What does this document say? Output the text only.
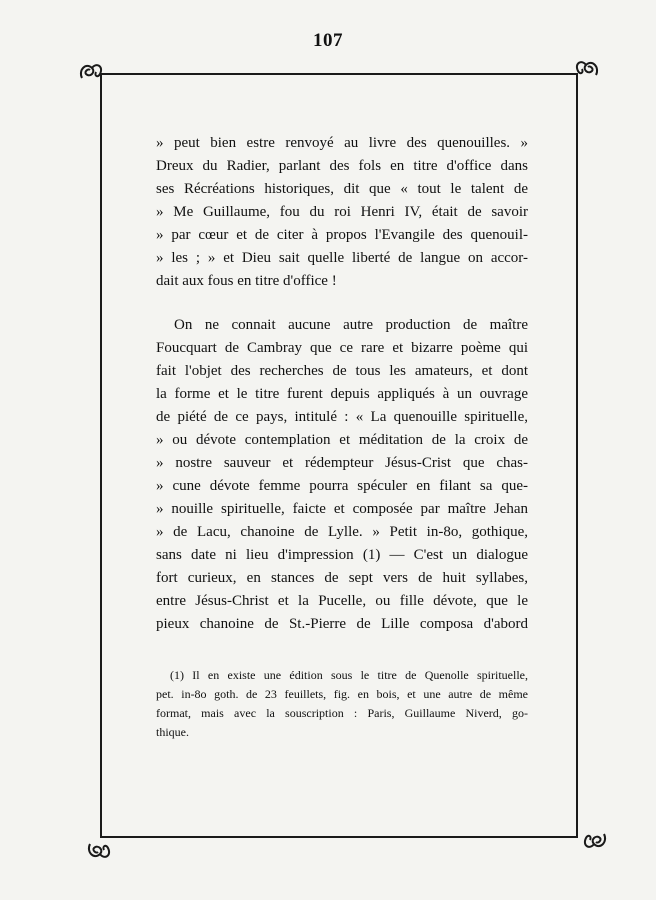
107
» peut bien estre renvoyé au livre des quenouilles. »
Dreux du Radier, parlant des fols en titre d'office dans
ses Récréations historiques, dit que « tout le talent de
» Me Guillaume, fou du roi Henri IV, était de savoir
» par cœur et de citer à propos l'Evangile des quenouil-
» les ; » et Dieu sait quelle liberté de langue on accor-
dait aux fous en titre d'office !
On ne connait aucune autre production de maître
Foucquart de Cambray que ce rare et bizarre poème qui
fait l'objet des recherches de tous les amateurs, et dont
la forme et le titre furent depuis appliqués à un ouvrage
de piété de ce pays, intitulé : « La quenouille spirituelle,
» ou dévote contemplation et méditation de la croix de
» nostre sauveur et rédempteur Jésus-Crist que chas-
» cune dévote femme pourra spéculer en filant sa que-
» nouille spirituelle, faicte et composée par maître Jehan
» de Lacu, chanoine de Lylle. » Petit in-8o, gothique,
sans date ni lieu d'impression (1) — C'est un dialogue
fort curieux, en stances de sept vers de huit syllabes,
entre Jésus-Christ et la Pucelle, ou fille dévote, que le
pieux chanoine de St.-Pierre de Lille composa d'abord
(1) Il en existe une édition sous le titre de Quenolle spirituelle,
pet. in-8o goth. de 23 feuillets, fig. en bois, et une autre de même
format, mais avec la souscription : Paris, Guillaume Niverd, go-
thique.
